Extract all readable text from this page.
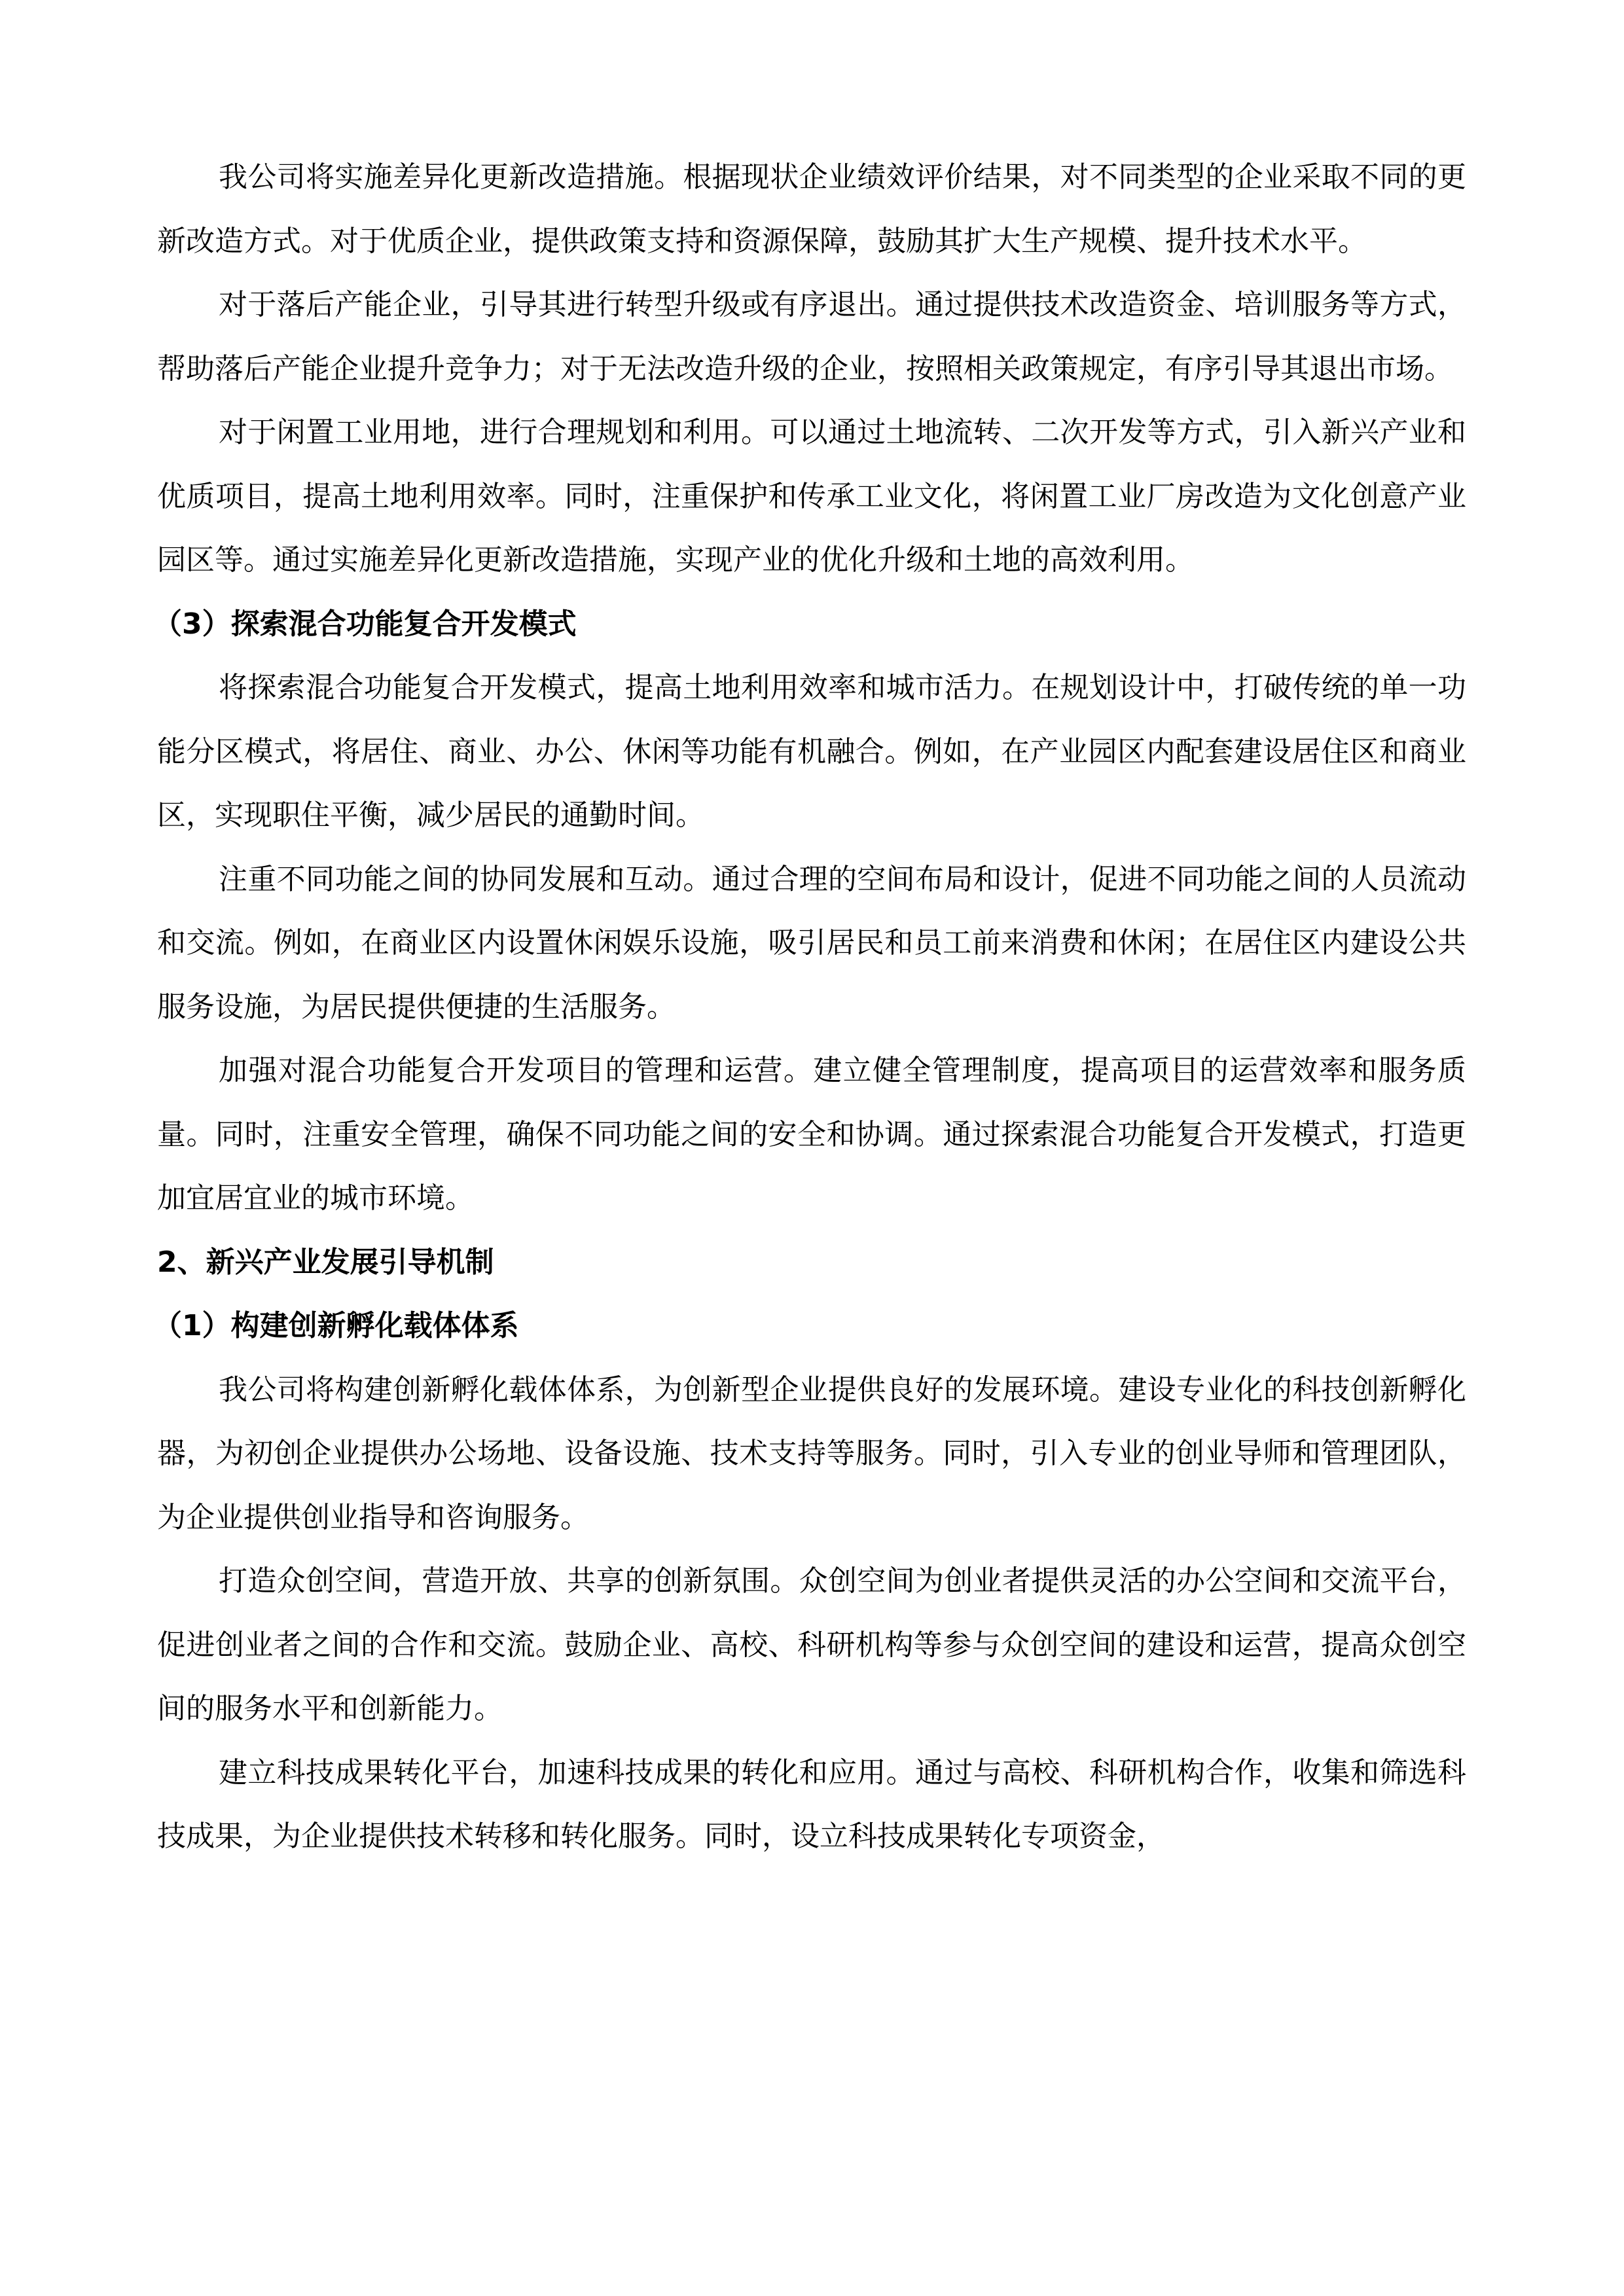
我公司将实施差异化更新改造措施。根据现状企业绩效评价结果，对不同类型的企业采取不同的更新改造方式。对于优质企业，提供政策支持和资源保障，鼓励其扩大生产规模、提升技术水平。

对于落后产能企业，引导其进行转型升级或有序退出。通过提供技术改造资金、培训服务等方式，帮助落后产能企业提升竞争力；对于无法改造升级的企业，按照相关政策规定，有序引导其退出市场。

对于闲置工业用地，进行合理规划和利用。可以通过土地流转、二次开发等方式，引入新兴产业和优质项目，提高土地利用效率。同时，注重保护和传承工业文化，将闲置工业厂房改造为文化创意产业园区等。通过实施差异化更新改造措施，实现产业的优化升级和土地的高效利用。

（3）探索混合功能复合开发模式

将探索混合功能复合开发模式，提高土地利用效率和城市活力。在规划设计中，打破传统的单一功能分区模式，将居住、商业、办公、休闲等功能有机融合。例如，在产业园区内配套建设居住区和商业区，实现职住平衡，减少居民的通勤时间。

注重不同功能之间的协同发展和互动。通过合理的空间布局和设计，促进不同功能之间的人员流动和交流。例如，在商业区内设置休闲娱乐设施，吸引居民和员工前来消费和休闲；在居住区内建设公共服务设施，为居民提供便捷的生活服务。

加强对混合功能复合开发项目的管理和运营。建立健全管理制度，提高项目的运营效率和服务质量。同时，注重安全管理，确保不同功能之间的安全和协调。通过探索混合功能复合开发模式，打造更加宜居宜业的城市环境。

2、新兴产业发展引导机制

（1）构建创新孵化载体体系

我公司将构建创新孵化载体体系，为创新型企业提供良好的发展环境。建设专业化的科技创新孵化器，为初创企业提供办公场地、设备设施、技术支持等服务。同时，引入专业的创业导师和管理团队，为企业提供创业指导和咨询服务。

打造众创空间，营造开放、共享的创新氛围。众创空间为创业者提供灵活的办公空间和交流平台，促进创业者之间的合作和交流。鼓励企业、高校、科研机构等参与众创空间的建设和运营，提高众创空间的服务水平和创新能力。

建立科技成果转化平台，加速科技成果的转化和应用。通过与高校、科研机构合作，收集和筛选科技成果，为企业提供技术转移和转化服务。同时，设立科技成果转化专项资金，
